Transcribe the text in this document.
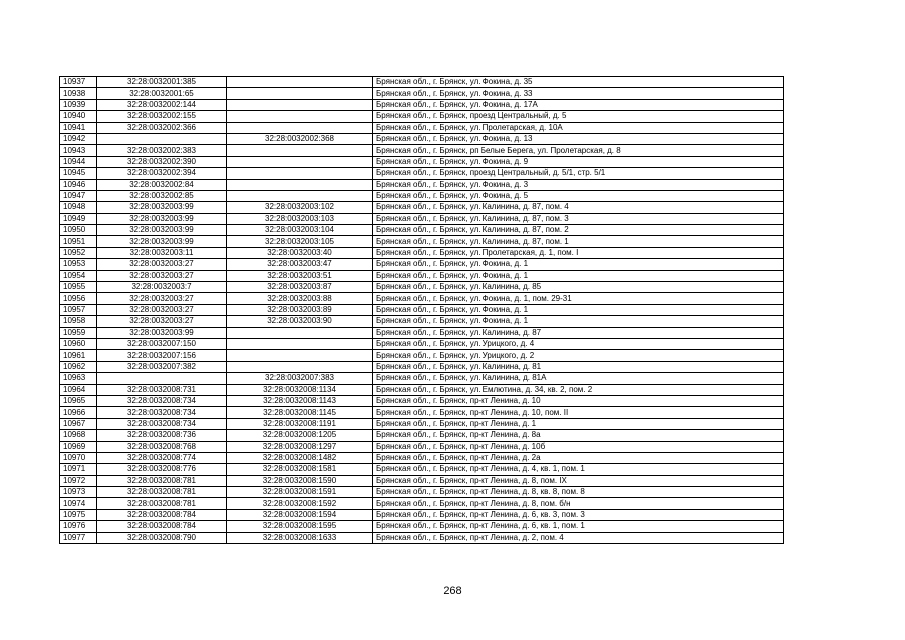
10937	32:28:0032001:385		Брянская обл., г. Брянск, ул. Фокина, д. 35
10938	32:28:0032001:65		Брянская обл., г. Брянск, ул. Фокина, д. 33
10939	32:28:0032002:144		Брянская обл., г. Брянск, ул. Фокина, д. 17А
10940	32:28:0032002:155		Брянская обл., г. Брянск, проезд Центральный, д. 5
10941	32:28:0032002:366		Брянская обл., г. Брянск, ул. Пролетарская, д. 10А
10942		32:28:0032002:368	Брянская обл., г. Брянск, ул. Фокина, д. 13
10943	32:28:0032002:383		Брянская обл., г. Брянск, рп Белые Берега, ул. Пролетарская, д. 8
10944	32:28:0032002:390		Брянская обл., г. Брянск, ул. Фокина, д. 9
10945	32:28:0032002:394		Брянская обл., г. Брянск, проезд Центральный, д. 5/1, стр. 5/1
10946	32:28:0032002:84		Брянская обл., г. Брянск, ул. Фокина, д. 3
10947	32:28:0032002:85		Брянская обл., г. Брянск, ул. Фокина, д. 5
10948	32:28:0032003:99	32:28:0032003:102	Брянская обл., г. Брянск, ул. Калинина, д. 87, пом. 4
10949	32:28:0032003:99	32:28:0032003:103	Брянская обл., г. Брянск, ул. Калинина, д. 87, пом. 3
10950	32:28:0032003:99	32:28:0032003:104	Брянская обл., г. Брянск, ул. Калинина, д. 87, пом. 2
10951	32:28:0032003:99	32:28:0032003:105	Брянская обл., г. Брянск, ул. Калинина, д. 87, пом. 1
10952	32:28:0032003:11	32:28:0032003:40	Брянская обл., г. Брянск, ул. Пролетарская, д. 1, пом. I
10953	32:28:0032003:27	32:28:0032003:47	Брянская обл., г. Брянск, ул. Фокина, д. 1
10954	32:28:0032003:27	32:28:0032003:51	Брянская обл., г. Брянск, ул. Фокина, д. 1
10955	32:28:0032003:7	32:28:0032003:87	Брянская обл., г. Брянск, ул. Калинина, д. 85
10956	32:28:0032003:27	32:28:0032003:88	Брянская обл., г. Брянск, ул. Фокина, д. 1, пом. 29-31
10957	32:28:0032003:27	32:28:0032003:89	Брянская обл., г. Брянск, ул. Фокина, д. 1
10958	32:28:0032003:27	32:28:0032003:90	Брянская обл., г. Брянск, ул. Фокина, д. 1
10959	32:28:0032003:99		Брянская обл., г. Брянск, ул. Калинина, д. 87
10960	32:28:0032007:150		Брянская обл., г. Брянск, ул. Урицкого, д. 4
10961	32:28:0032007:156		Брянская обл., г. Брянск, ул. Урицкого, д. 2
10962	32:28:0032007:382		Брянская обл., г. Брянск, ул. Калинина, д. 81
10963		32:28:0032007:383	Брянская обл., г. Брянск, ул. Калинина, д. 81А
10964	32:28:0032008:731	32:28:0032008:1134	Брянская обл., г. Брянск, ул. Емлютина, д. 34, кв. 2, пом. 2
10965	32:28:0032008:734	32:28:0032008:1143	Брянская обл., г. Брянск, пр-кт Ленина, д. 10
10966	32:28:0032008:734	32:28:0032008:1145	Брянская обл., г. Брянск, пр-кт Ленина, д. 10, пом. II
10967	32:28:0032008:734	32:28:0032008:1191	Брянская обл., г. Брянск, пр-кт Ленина, д. 1
10968	32:28:0032008:736	32:28:0032008:1205	Брянская обл., г. Брянск, пр-кт Ленина, д. 8а
10969	32:28:0032008:768	32:28:0032008:1297	Брянская обл., г. Брянск, пр-кт Ленина, д. 10б
10970	32:28:0032008:774	32:28:0032008:1482	Брянская обл., г. Брянск, пр-кт Ленина, д. 2а
10971	32:28:0032008:776	32:28:0032008:1581	Брянская обл., г. Брянск, пр-кт Ленина, д. 4, кв. 1, пом. 1
10972	32:28:0032008:781	32:28:0032008:1590	Брянская обл., г. Брянск, пр-кт Ленина, д. 8, пом. IX
10973	32:28:0032008:781	32:28:0032008:1591	Брянская обл., г. Брянск, пр-кт Ленина, д. 8, кв. 8, пом. 8
10974	32:28:0032008:781	32:28:0032008:1592	Брянская обл., г. Брянск, пр-кт Ленина, д. 8, пом. б/н
10975	32:28:0032008:784	32:28:0032008:1594	Брянская обл., г. Брянск, пр-кт Ленина, д. 6, кв. 3, пом. 3
10976	32:28:0032008:784	32:28:0032008:1595	Брянская обл., г. Брянск, пр-кт Ленина, д. 6, кв. 1, пом. 1
10977	32:28:0032008:790	32:28:0032008:1633	Брянская обл., г. Брянск, пр-кт Ленина, д. 2, пом. 4
268
